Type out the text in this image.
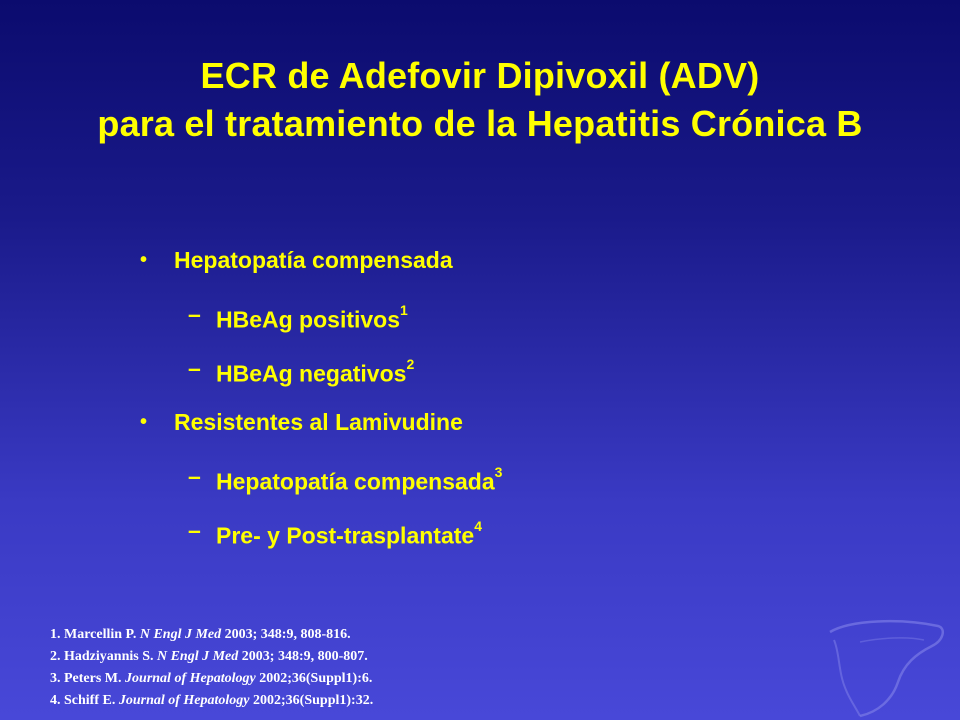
ECR de Adefovir Dipivoxil (ADV)
para el tratamiento de la Hepatitis Crónica B
• Hepatopatía compensada
– HBeAg positivos$^1$
– HBeAg negativos$^2$
• Resistentes al Lamivudine
– Hepatopatía compensada$^3$
– Pre- y Post-trasplantate$^4$
1. Marcellin P. N Engl J Med 2003; 348:9, 808-816.
2. Hadziyannis S. N Engl J Med 2003; 348:9, 800-807.
3. Peters M. Journal of Hepatology 2002;36(Suppl1):6.
4. Schiff E. Journal of Hepatology 2002;36(Suppl1):32.
